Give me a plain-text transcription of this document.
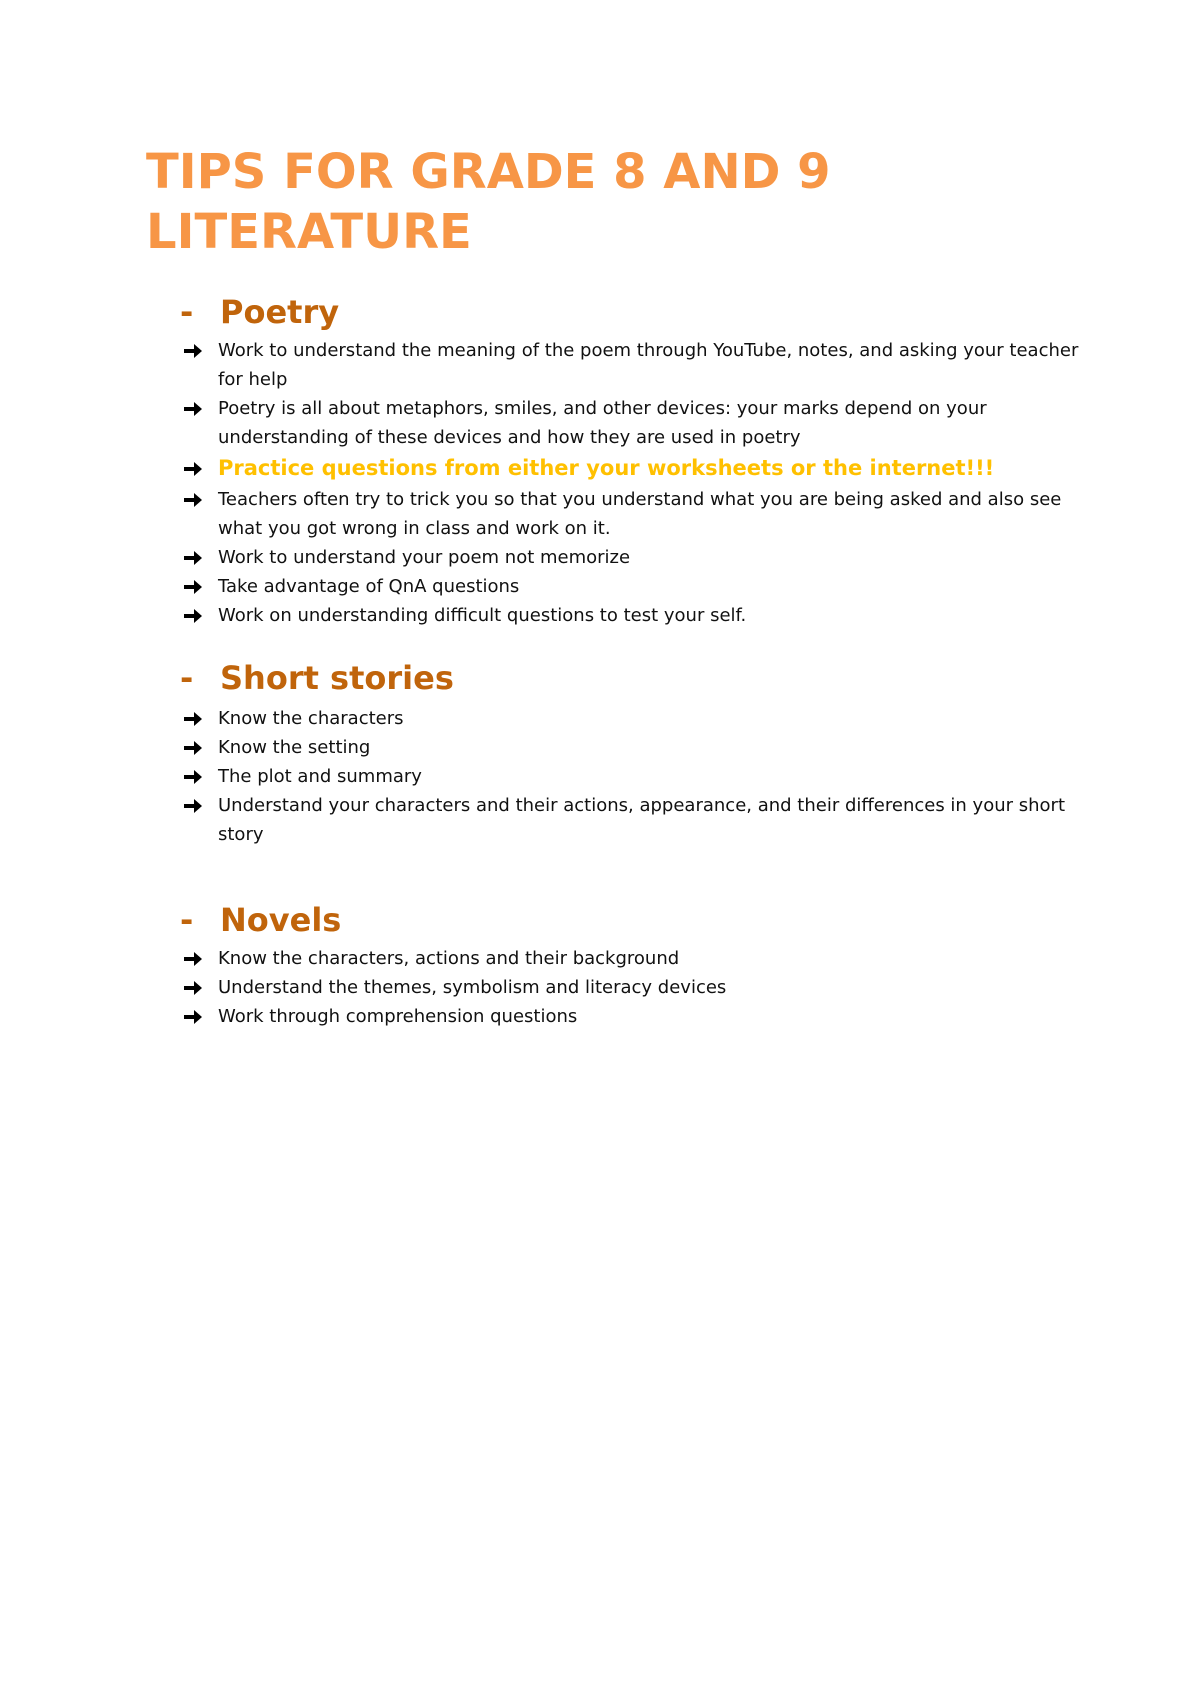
TIPS FOR GRADE 8 AND 9 LITERATURE
- Poetry
Work to understand the meaning of the poem through YouTube, notes, and asking your teacher for help
Poetry is all about metaphors, smiles, and other devices: your marks depend on your understanding of these devices and how they are used in poetry
Practice questions from either your worksheets or the internet!!!
Teachers often try to trick you so that you understand what you are being asked and also see what you got wrong in class and work on it.
Work to understand your poem not memorize
Take advantage of QnA questions
Work on understanding difficult questions to test your self.
- Short stories
Know the characters
Know the setting
The plot and summary
Understand your characters and their actions, appearance, and their differences in your short story
- Novels
Know the characters, actions and their background
Understand the themes, symbolism and literacy devices
Work through comprehension questions
